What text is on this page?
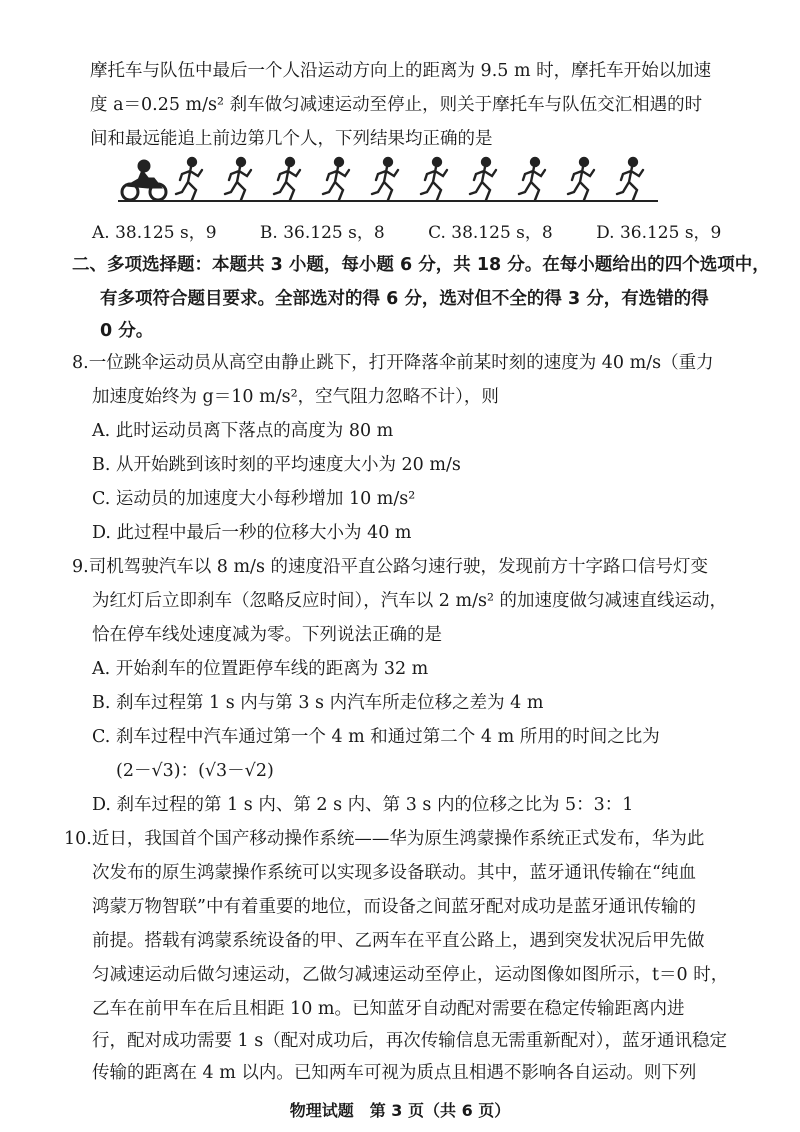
摩托车与队伍中最后一个人沿运动方向上的距离为 9.5 m 时，摩托车开始以加速
度 a＝0.25 m/s² 刹车做匀减速运动至停止，则关于摩托车与队伍交汇相遇的时
间和最远能追上前边第几个人，下列结果均正确的是
A. 38.125 s，9	B. 36.125 s，8	C. 38.125 s，8	D. 36.125 s，9
二、多项选择题：本题共 3 小题，每小题 6 分，共 18 分。在每小题给出的四个选项中，
有多项符合题目要求。全部选对的得 6 分，选对但不全的得 3 分，有选错的得
0 分。
8.一位跳伞运动员从高空由静止跳下，打开降落伞前某时刻的速度为 40 m/s（重力
加速度始终为 g＝10 m/s²，空气阻力忽略不计），则
A. 此时运动员离下落点的高度为 80 m
B. 从开始跳到该时刻的平均速度大小为 20 m/s
C. 运动员的加速度大小每秒增加 10 m/s²
D. 此过程中最后一秒的位移大小为 40 m
9.司机驾驶汽车以 8 m/s 的速度沿平直公路匀速行驶，发现前方十字路口信号灯变
为红灯后立即刹车（忽略反应时间），汽车以 2 m/s² 的加速度做匀减速直线运动，
恰在停车线处速度减为零。下列说法正确的是
A. 开始刹车的位置距停车线的距离为 32 m
B. 刹车过程第 1 s 内与第 3 s 内汽车所走位移之差为 4 m
C. 刹车过程中汽车通过第一个 4 m 和通过第二个 4 m 所用的时间之比为
(2－√3)：(√3－√2)
D. 刹车过程的第 1 s 内、第 2 s 内、第 3 s 内的位移之比为 5：3：1
10.近日，我国首个国产移动操作系统——华为原生鸿蒙操作系统正式发布，华为此
次发布的原生鸿蒙操作系统可以实现多设备联动。其中，蓝牙通讯传输在“纯血
鸿蒙万物智联”中有着重要的地位，而设备之间蓝牙配对成功是蓝牙通讯传输的
前提。搭载有鸿蒙系统设备的甲、乙两车在平直公路上，遇到突发状况后甲先做
匀减速运动后做匀速运动，乙做匀减速运动至停止，运动图像如图所示，t＝0 时，
乙车在前甲车在后且相距 10 m。已知蓝牙自动配对需要在稳定传输距离内进
行，配对成功需要 1 s（配对成功后，再次传输信息无需重新配对），蓝牙通讯稳定
传输的距离在 4 m 以内。已知两车可视为质点且相遇不影响各自运动。则下列
物理试题　第 3 页（共 6 页）
